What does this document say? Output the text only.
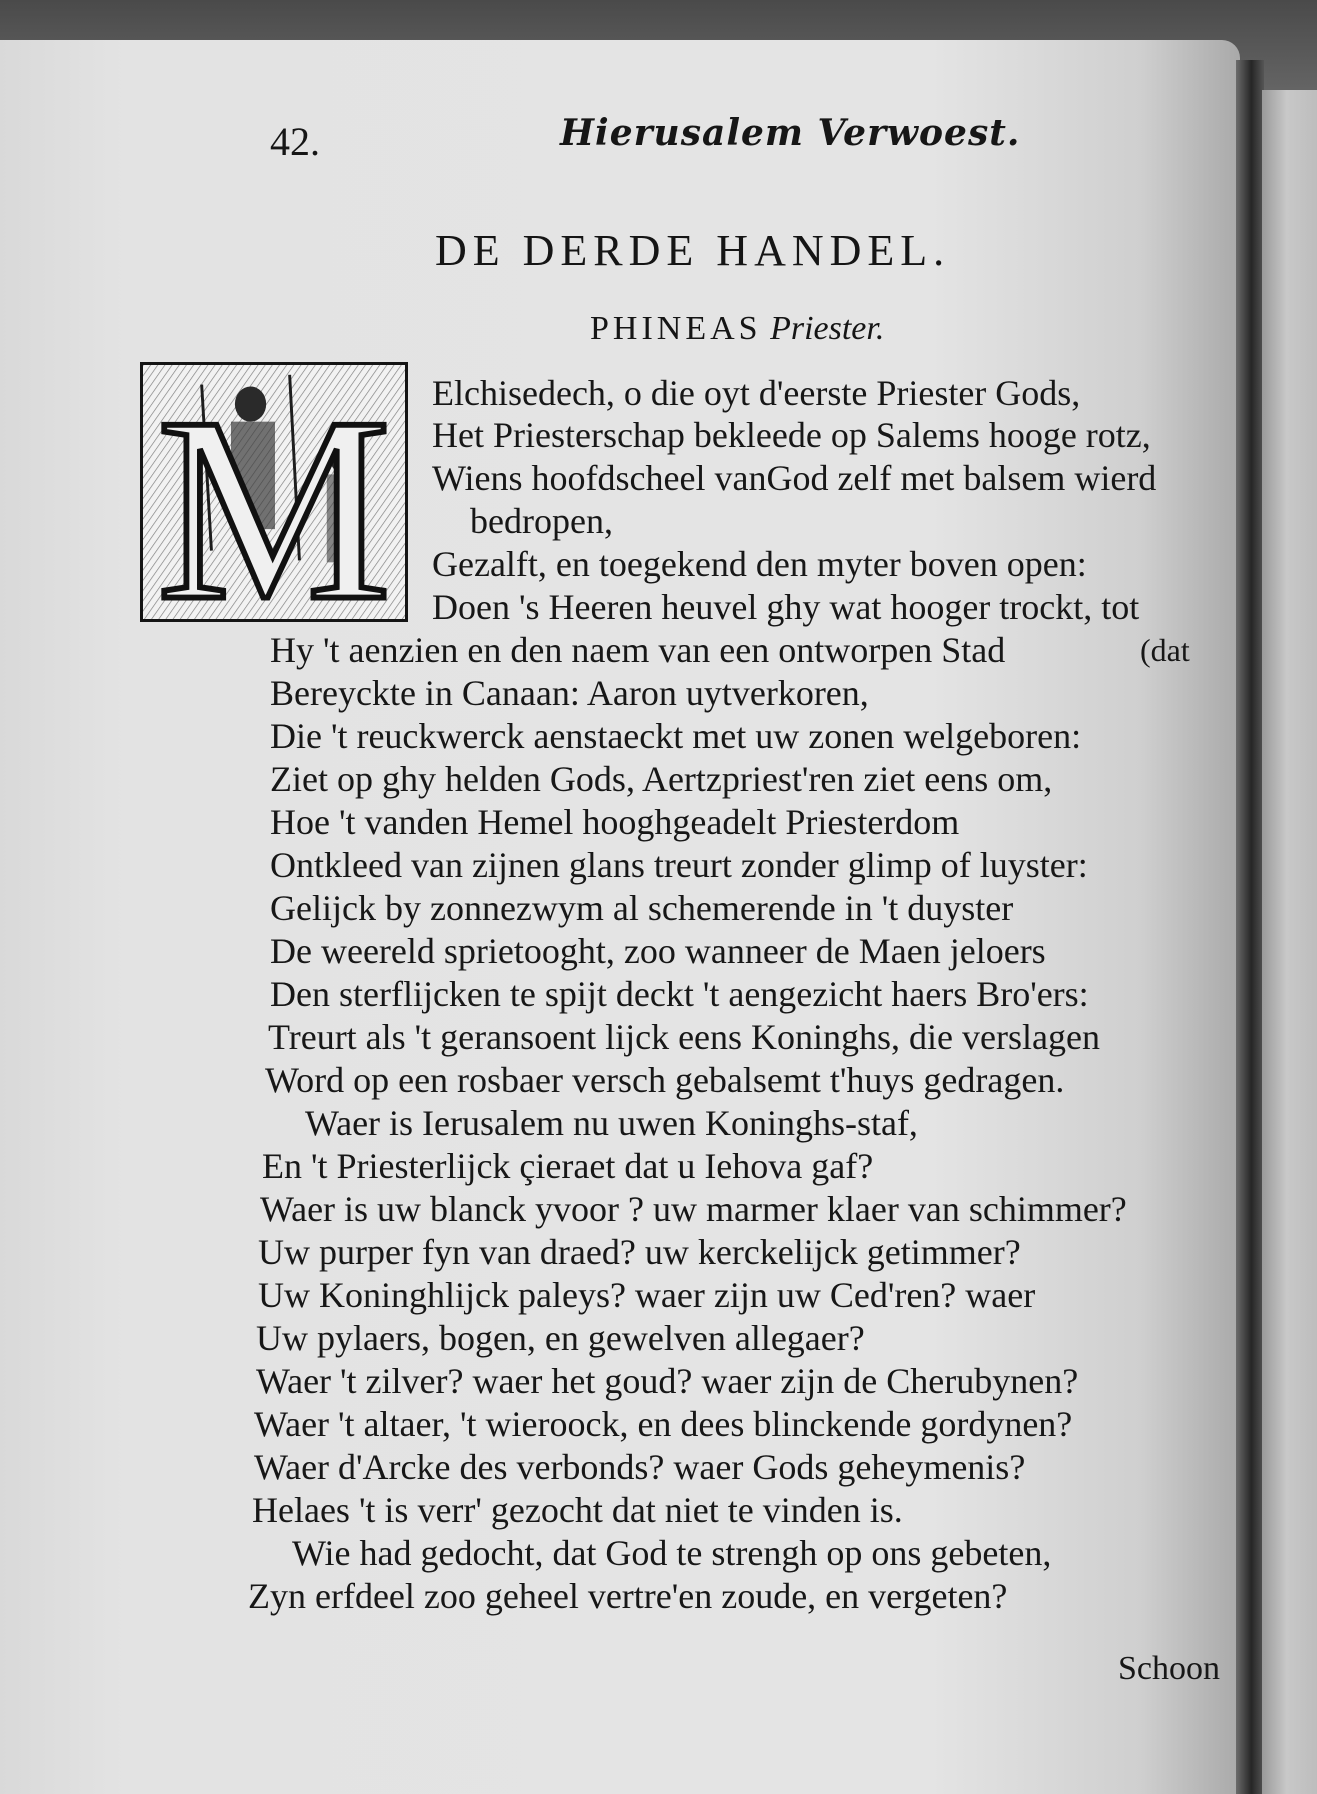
42.	Hierusalem Verwoest.
DE DERDE HANDEL.
PHINEAS Priester.
M Elchisedech, o die oyt d'eerste Priester Gods,
Het Priesterschap bekleede op Salems hooge rotz,
Wiens hoofdscheel vanGod zelf met balsem wierd
bedropen,
Gezalft, en toegekend den myter boven open:
Doen 's Heeren heuvel ghy wat hooger trockt, tot
Hy 't aenzien en den naem van een ontworpen Stad	(dat
Bereyckte in Canaan: Aaron uytverkoren,
Die 't reuckwerck aenstaeckt met uw zonen welgeboren:
Ziet op ghy helden Gods, Aertzpriest'ren ziet eens om,
Hoe 't vanden Hemel hooghgeadelt Priesterdom
Ontkleed van zijnen glans treurt zonder glimp of luyster:
Gelijck by zonnezwym al schemerende in 't duyster
De weereld sprietooght, zoo wanneer de Maen jeloers
Den sterflijcken te spijt deckt 't aengezicht haers Bro'ers:
Treurt als 't geransoent lijck eens Koninghs, die verslagen
Word op een rosbaer versch gebalsemt t'huys gedragen.
Waer is Ierusalem nu uwen Koninghs-staf,
En 't Priesterlijck çieraet dat u Iehova gaf?
Waer is uw blanck yvoor ? uw marmer klaer van schimmer?
Uw purper fyn van draed? uw kerckelijck getimmer?
Uw Koninghlijck paleys? waer zijn uw Ced'ren? waer
Uw pylaers, bogen, en gewelven allegaer?
Waer 't zilver? waer het goud? waer zijn de Cherubynen?
Waer 't altaer, 't wieroock, en dees blinckende gordynen?
Waer d'Arcke des verbonds? waer Gods geheymenis?
Helaes 't is verr' gezocht dat niet te vinden is.
Wie had gedocht, dat God te strengh op ons gebeten,
Zyn erfdeel zoo geheel vertre'en zoude, en vergeten?
Schoon
